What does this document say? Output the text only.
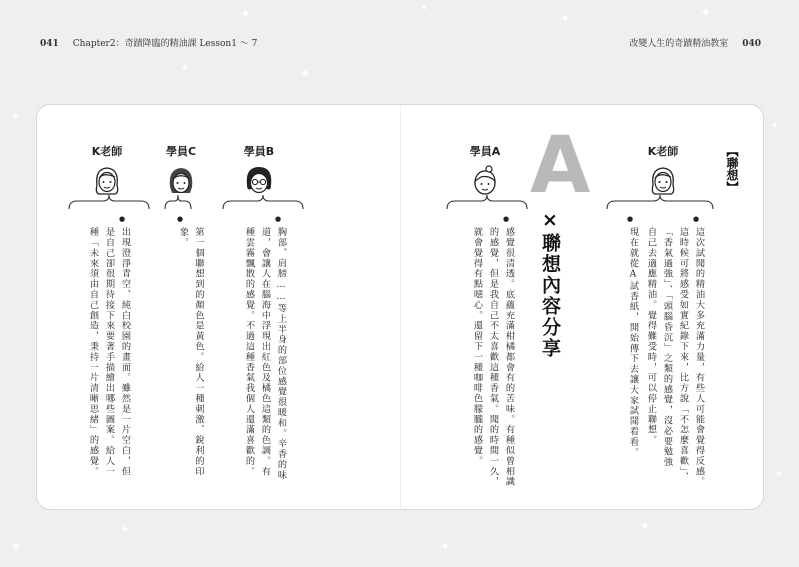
✦	✦
✦	✦
✦
✦	✦
✦
✦
✦
✦
✦
✦
041 Chapter2：奇蹟降臨的精油課 Lesson1 ～ 7	改變人生的奇蹟精油教室 040
【聯想】
A
×聯想內容分享
K老師
學員A
學員B
學員C
K老師
●
這次試聞的精油大多充滿力量，有些人可能會覺得反感。
這時候可將感受如實紀錄下來，比方說「不怎麼喜歡」、
「香氣過強」、「頭腦昏沉」之類的感覺，沒必要勉強
自己去適應精油。覺得難受時，可以停止聯想。
●
現在就從A試香紙，開始傳下去讓大家試聞看看。
●
感覺很清透。底蘊充滿柑橘都會有的苦味。有種似曾相識
的感覺，但是我自己不太喜歡這種香氣。聞的時間一久，
就會覺得有點噁心。還留下一種咖啡色朦朧的感覺。
●
胸部、肩膀……等上半身的部位感覺很暖和。辛香的味
道，會讓人在腦海中浮現出紅色及橘色這類的色調。有
種雲霧飄散的感覺。不過這種香氣我個人還滿喜歡的。
●
第一個聯想到的顏色是黃色。給人一種刺激、銳利的印象。
●
出現澄淨青空、純白校園的畫面。雖然是一片空白，但
是自己卻很期待接下來要著手描繪出哪些圖案。給人一
種「未來須由自己創造，秉持一片清晰思緒」的感覺。
